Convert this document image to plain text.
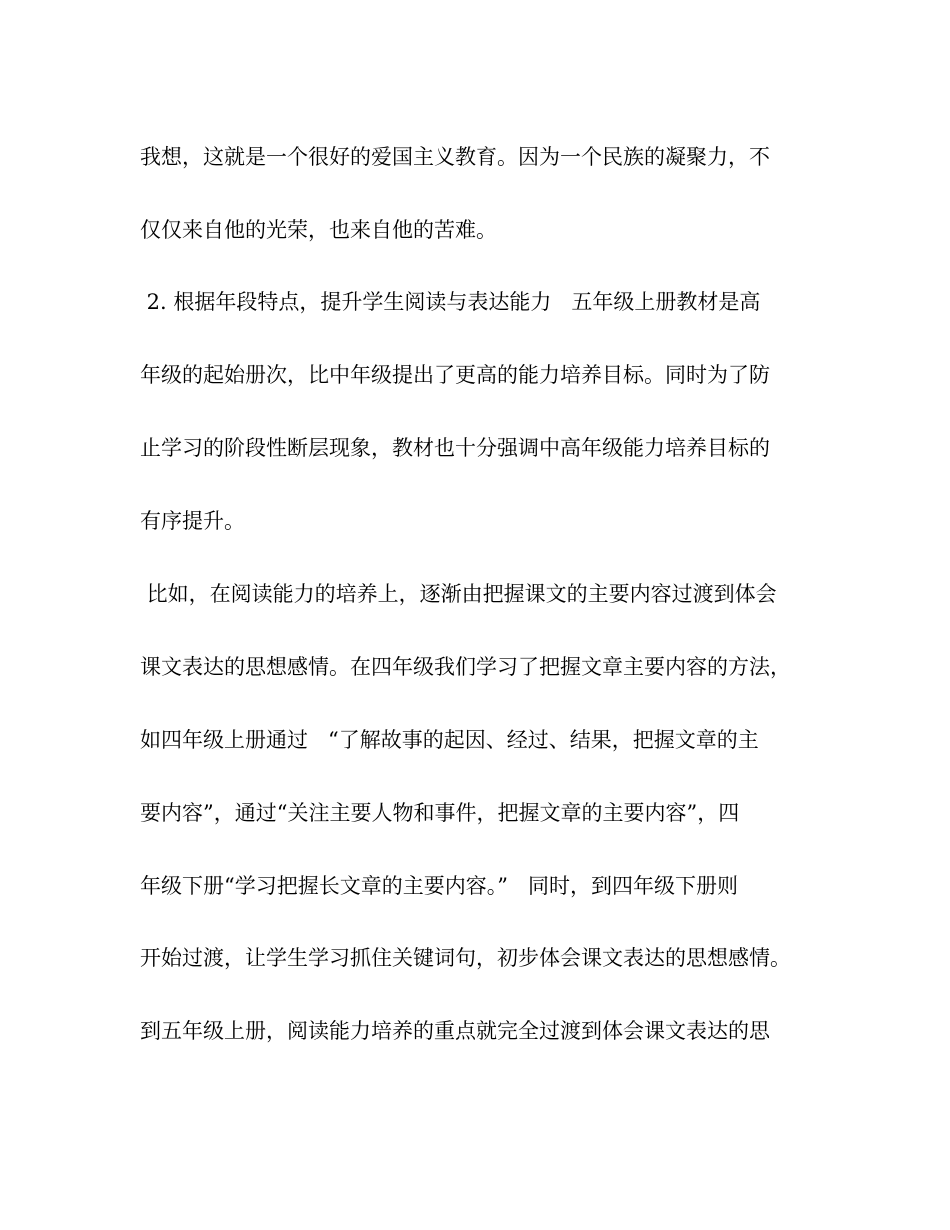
我想，这就是一个很好的爱国主义教育。因为一个民族的凝聚力，不
仅仅来自他的光荣，也来自他的苦难。
2. 根据年段特点，提升学生阅读与表达能力   五年级上册教材是高
年级的起始册次，比中年级提出了更高的能力培养目标。同时为了防
止学习的阶段性断层现象，教材也十分强调中高年级能力培养目标的
有序提升。
比如，在阅读能力的培养上，逐渐由把握课文的主要内容过渡到体会
课文表达的思想感情。在四年级我们学习了把握文章主要内容的方法，
如四年级上册通过   “了解故事的起因、经过、结果，把握文章的主
要内容”，通过“关注主要人物和事件，把握文章的主要内容”，四
年级下册“学习把握长文章的主要内容。”   同时，到四年级下册则
开始过渡，让学生学习抓住关键词句，初步体会课文表达的思想感情。
到五年级上册，阅读能力培养的重点就完全过渡到体会课文表达的思
